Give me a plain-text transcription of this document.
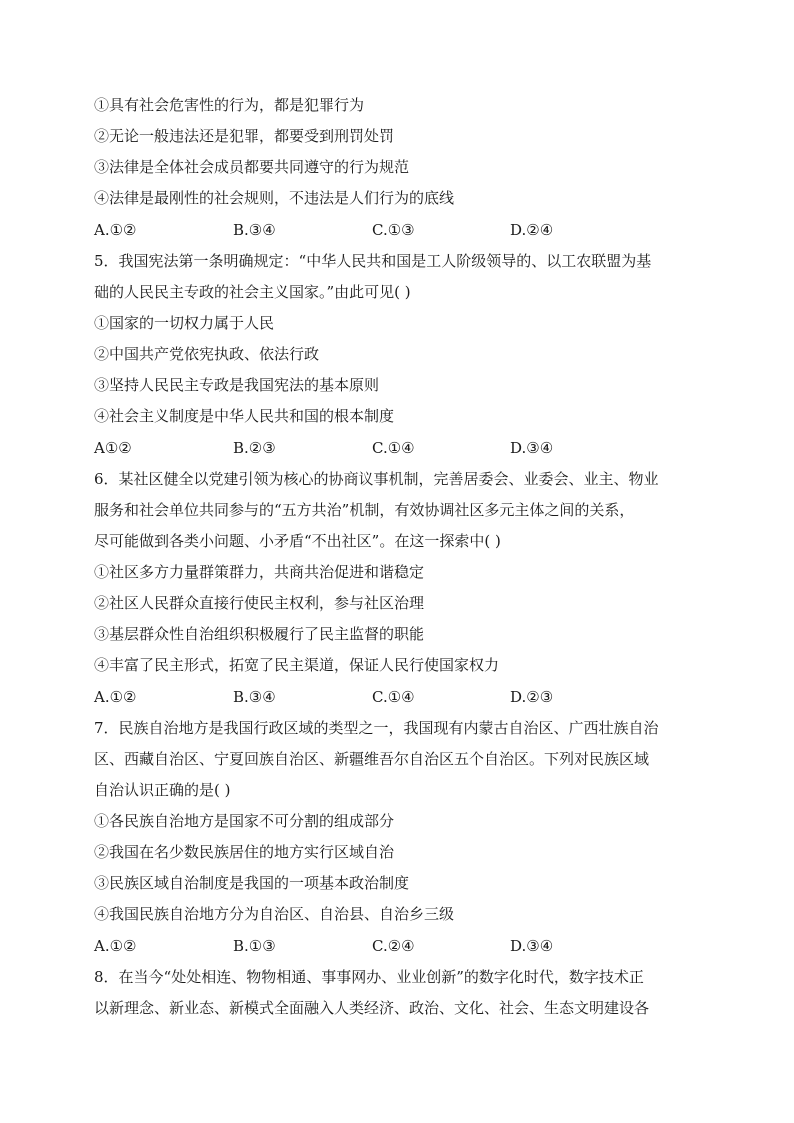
①具有社会危害性的行为，都是犯罪行为
②无论一般违法还是犯罪，都要受到刑罚处罚
③法律是全体社会成员都要共同遵守的行为规范
④法律是最刚性的社会规则，不违法是人们行为的底线
A.①②	B.③④	C.①③	D.②④
5．我国宪法第一条明确规定：“中华人民共和国是工人阶级领导的、以工农联盟为基
础的人民民主专政的社会主义国家。”由此可见( )
①国家的一切权力属于人民
②中国共产党依宪执政、依法行政
③坚持人民民主专政是我国宪法的基本原则
④社会主义制度是中华人民共和国的根本制度
A①②	B.②③	C.①④	D.③④
6．某社区健全以党建引领为核心的协商议事机制，完善居委会、业委会、业主、物业
服务和社会单位共同参与的“五方共治”机制，有效协调社区多元主体之间的关系，
尽可能做到各类小问题、小矛盾“不出社区”。在这一探索中( )
①社区多方力量群策群力，共商共治促进和谐稳定
②社区人民群众直接行使民主权利，参与社区治理
③基层群众性自治组织积极履行了民主监督的职能
④丰富了民主形式，拓宽了民主渠道，保证人民行使国家权力
A.①②	B.③④	C.①④	D.②③
7．民族自治地方是我国行政区域的类型之一，我国现有内蒙古自治区、广西壮族自治
区、西藏自治区、宁夏回族自治区、新疆维吾尔自治区五个自治区。下列对民族区域
自治认识正确的是( )
①各民族自治地方是国家不可分割的组成部分
②我国在名少数民族居住的地方实行区域自治
③民族区域自治制度是我国的一项基本政治制度
④我国民族自治地方分为自治区、自治县、自治乡三级
A.①②	B.①③	C.②④	D.③④
8．在当今“处处相连、物物相通、事事网办、业业创新”的数字化时代，数字技术正
以新理念、新业态、新模式全面融入人类经济、政治、文化、社会、生态文明建设各
